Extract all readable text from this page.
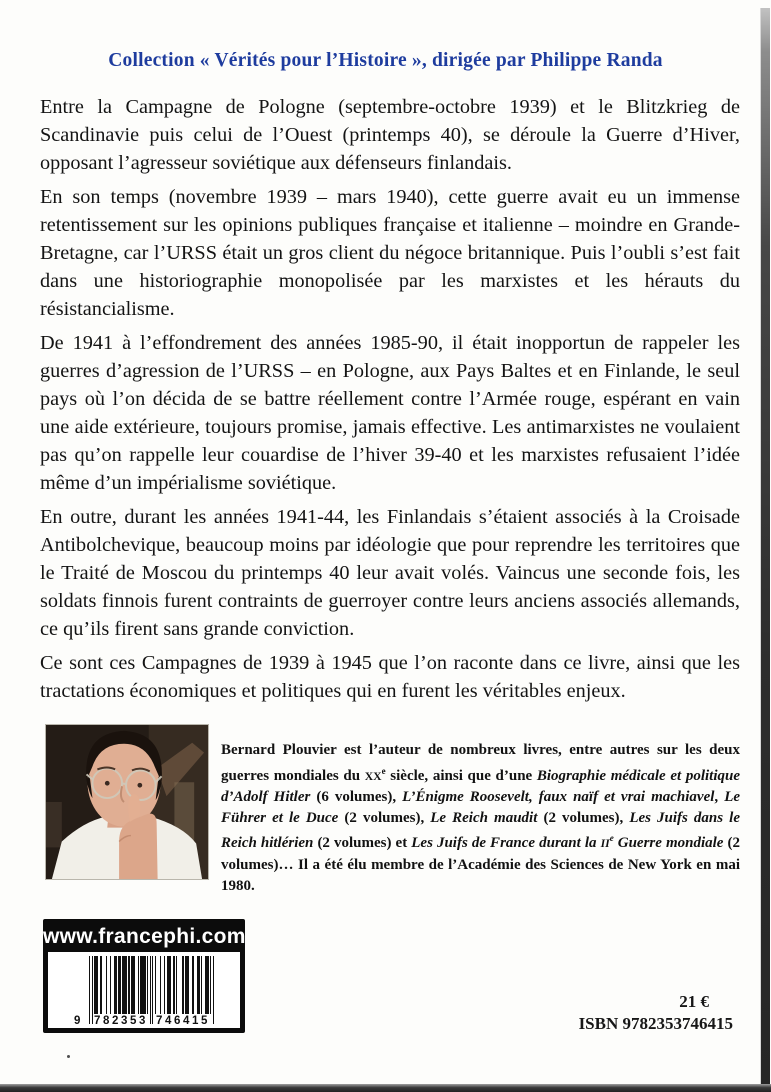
Collection « Vérités pour l’Histoire », dirigée par Philippe Randa

Entre la Campagne de Pologne (septembre-octobre 1939) et le Blitzkrieg de Scandinavie puis celui de l’Ouest (printemps 40), se déroule la Guerre d’Hiver, opposant l’agresseur soviétique aux défenseurs finlandais.

En son temps (novembre 1939 – mars 1940), cette guerre avait eu un immense retentissement sur les opinions publiques française et italienne – moindre en Grande-Bretagne, car l’URSS était un gros client du négoce britannique. Puis l’oubli s’est fait dans une historiographie monopolisée par les marxistes et les hérauts du résistancialisme.

De 1941 à l’effondrement des années 1985-90, il était inopportun de rappeler les guerres d’agression de l’URSS – en Pologne, aux Pays Baltes et en Finlande, le seul pays où l’on décida de se battre réellement contre l’Armée rouge, espérant en vain une aide extérieure, toujours promise, jamais effective. Les antimarxistes ne voulaient pas qu’on rappelle leur couardise de l’hiver 39-40 et les marxistes refusaient l’idée même d’un impérialisme soviétique.

En outre, durant les années 1941-44, les Finlandais s’étaient associés à la Croisade Antibolchevique, beaucoup moins par idéologie que pour reprendre les territoires que le Traité de Moscou du printemps 40 leur avait volés. Vaincus une seconde fois, les soldats finnois furent contraints de guerroyer contre leurs anciens associés allemands, ce qu’ils firent sans grande conviction.

Ce sont ces Campagnes de 1939 à 1945 que l’on raconte dans ce livre, ainsi que les tractations économiques et politiques qui en furent les véritables enjeux.

Bernard Plouvier est l’auteur de nombreux livres, entre autres sur les deux guerres mondiales du XXe siècle, ainsi que d’une Biographie médicale et politique d’Adolf Hitler (6 volumes), L’Énigme Roosevelt, faux naïf et vrai machiavel, Le Führer et le Duce (2 volumes), Le Reich maudit (2 volumes), Les Juifs dans le Reich hitlérien (2 volumes) et Les Juifs de France durant la IIe Guerre mondiale (2 volumes)… Il a été élu membre de l’Académie des Sciences de New York en mai 1980.
www.francephi.com
9 782353 746415
21 €
ISBN 9782353746415
